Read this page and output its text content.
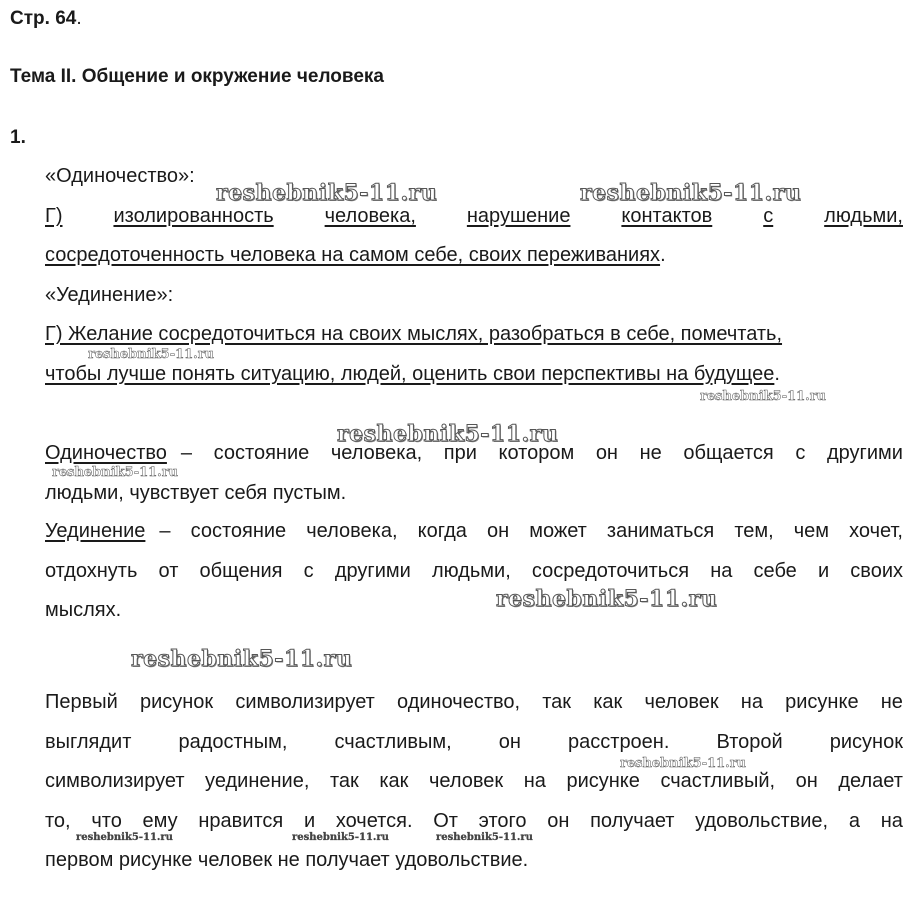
Стр. 64.
Тема II. Общение и окружение человека
1.
«Одиночество»:
Г)	изолированность	человека,	нарушение	контактов	с	людьми,
сосредоточенность человека на самом себе, своих переживаниях.
«Уединение»:
Г) Желание сосредоточиться на своих мыслях, разобраться в себе, помечтать,
чтобы лучше понять ситуацию, людей, оценить свои перспективы на будущее.
Одиночество – состояние человека, при котором он не общается с другими
людьми, чувствует себя пустым.
Уединение – состояние человека, когда он может заниматься тем, чем хочет,
отдохнуть от общения с другими людьми, сосредоточиться на себе и своих
мыслях.
Первый рисунок символизирует одиночество, так как человек на рисунке не
выглядит радостным, счастливым, он расстроен. Второй рисунок
символизирует уединение, так как человек на рисунке счастливый, он делает
то, что ему нравится и хочется. От этого он получает удовольствие, а на
первом рисунке человек не получает удовольствие.
reshebnik5-11.ru	reshebnik5-11.ru
reshebnik5-11.ru
reshebnik5-11.ru
reshebnik5-11.ru
reshebnik5-11.ru
reshebnik5-11.ru
reshebnik5-11.ru
reshebnik5-11.ru
reshebnik5-11.ru	reshebnik5-11.ru	reshebnik5-11.ru
